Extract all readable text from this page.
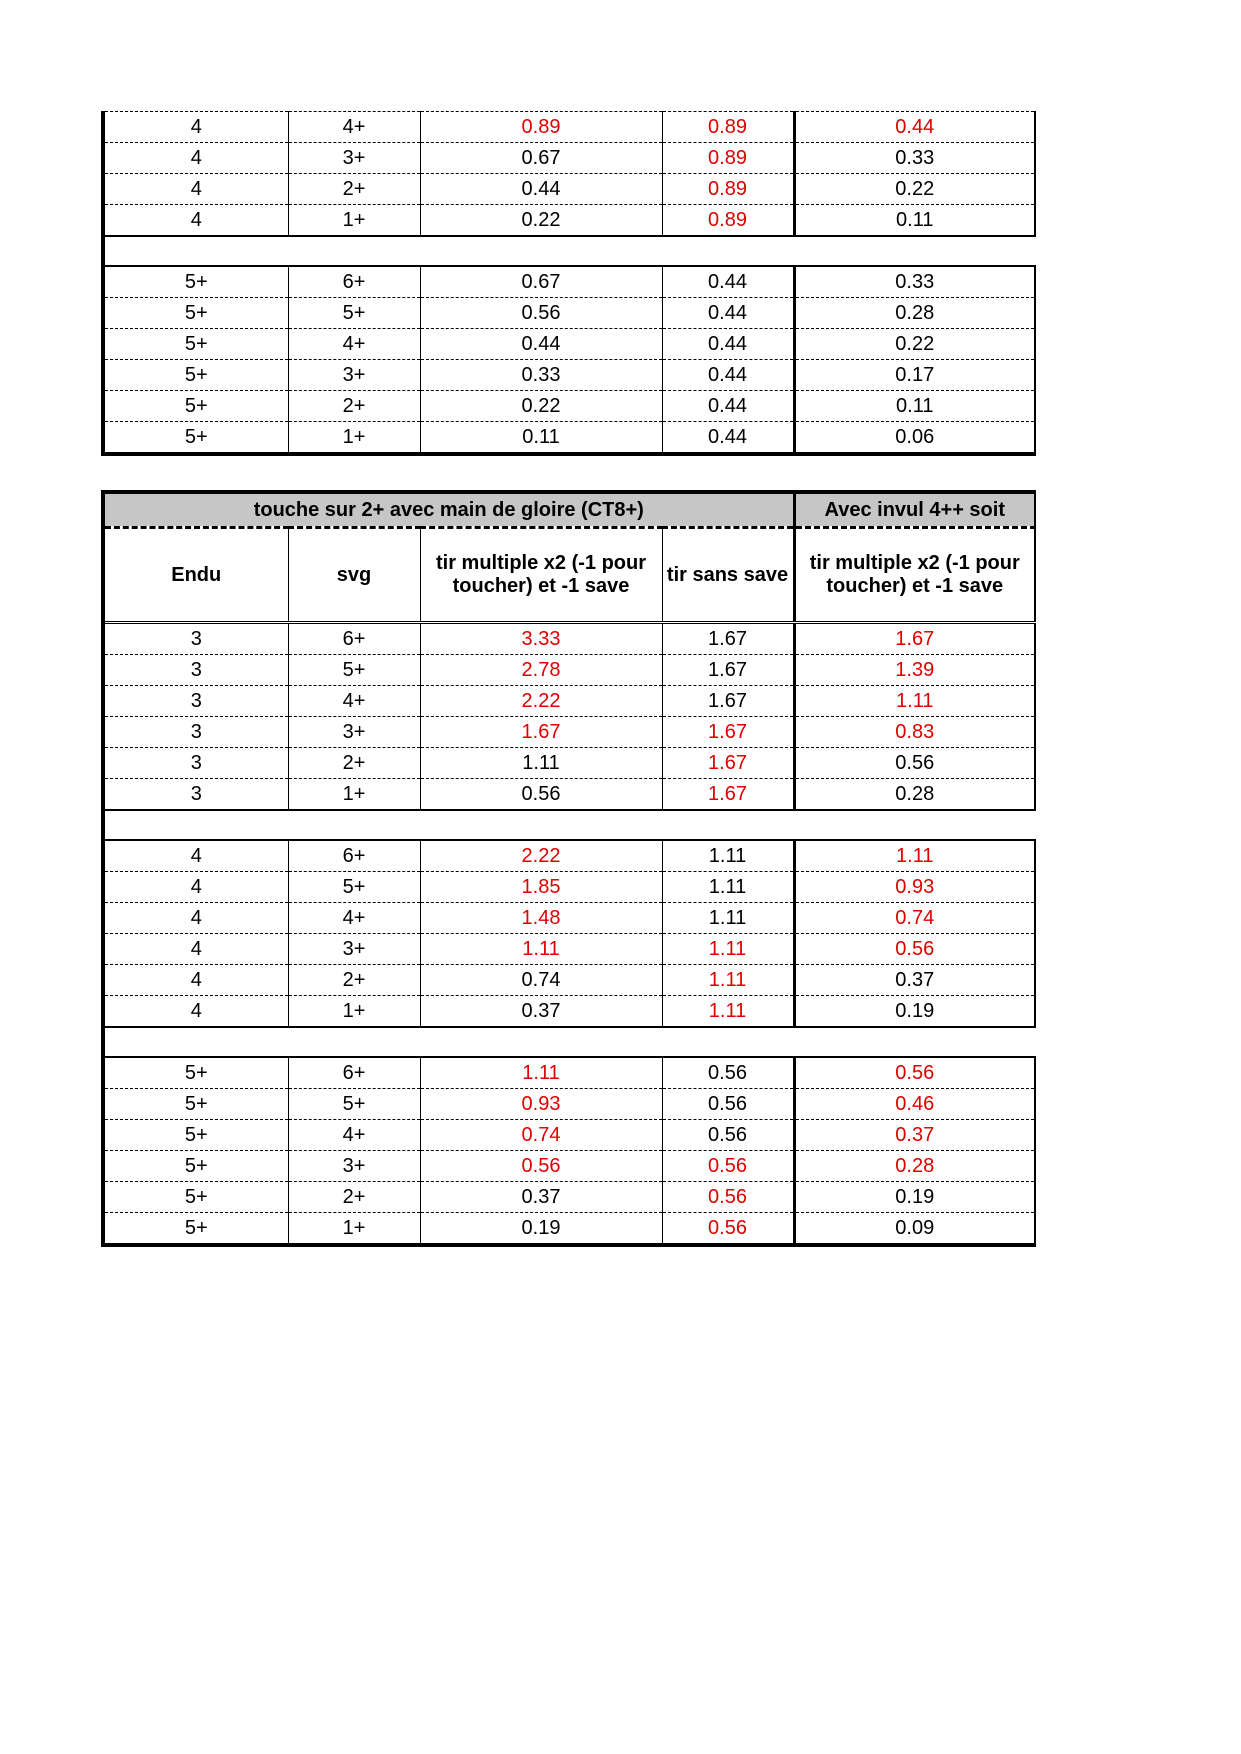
4	4+	0.89	0.89	0.44
4	3+	0.67	0.89	0.33
4	2+	0.44	0.89	0.22
4	1+	0.22	0.89	0.11

5+	6+	0.67	0.44	0.33
5+	5+	0.56	0.44	0.28
5+	4+	0.44	0.44	0.22
5+	3+	0.33	0.44	0.17
5+	2+	0.22	0.44	0.11
5+	1+	0.11	0.44	0.06
touche sur 2+ avec main de gloire (CT8+)				Avec invul 4++ soit
Endu	svg	tir multiple x2 (-1 pour toucher) et -1 save	tir sans save	tir multiple x2 (-1 pour toucher) et -1 save
3	6+	3.33	1.67	1.67
3	5+	2.78	1.67	1.39
3	4+	2.22	1.67	1.11
3	3+	1.67	1.67	0.83
3	2+	1.11	1.67	0.56
3	1+	0.56	1.67	0.28

4	6+	2.22	1.11	1.11
4	5+	1.85	1.11	0.93
4	4+	1.48	1.11	0.74
4	3+	1.11	1.11	0.56
4	2+	0.74	1.11	0.37
4	1+	0.37	1.11	0.19

5+	6+	1.11	0.56	0.56
5+	5+	0.93	0.56	0.46
5+	4+	0.74	0.56	0.37
5+	3+	0.56	0.56	0.28
5+	2+	0.37	0.56	0.19
5+	1+	0.19	0.56	0.09
